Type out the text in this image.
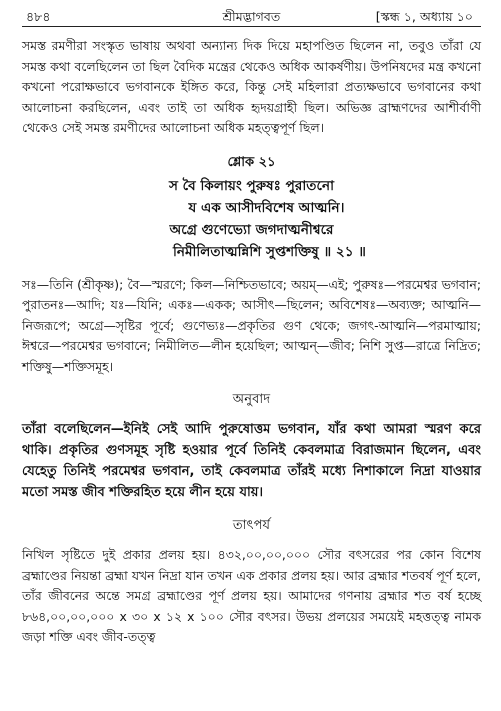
৪৮৪	শ্রীমদ্ভাগবত	[স্কন্ধ ১, অধ্যায় ১০

সমস্ত রমণীরা সংস্কৃত ভাষায় অথবা অন্যান্য দিক দিয়ে মহাপণ্ডিত ছিলেন না, তবুও তাঁরা যে সমস্ত কথা বলেছিলেন তা ছিল বৈদিক মন্ত্রের থেকেও অধিক আকর্ষণীয়। উপনিষদের মন্ত্র কখনো কখনো পরোক্ষভাবে ভগবানকে ইঙ্গিত করে, কিন্তু সেই মহিলারা প্রত্যক্ষভাবে ভগবানের কথা আলোচনা করছিলেন, এবং তাই তা অধিক হৃদয়গ্রাহী ছিল। অভিজ্ঞ ব্রাহ্মণদের আশীর্বাণী থেকেও সেই সমস্ত রমণীদের আলোচনা অধিক মহত্ত্বপূর্ণ ছিল।

শ্লোক ২১
স বৈ কিলায়ং পুরুষঃ পুরাতনো
য এক আসীদবিশেষ আত্মনি।
অগ্রে গুণেভ্যো জগদাত্মনীশ্বরে
নিমীলিতাত্মন্নিশি সুপ্তশক্তিষু ॥ ২১ ॥

সঃ—তিনি (শ্রীকৃষ্ণ); বৈ—স্মরণে; কিল—নিশ্চিতভাবে; অয়ম্—এই; পুরুষঃ—পরমেশ্বর ভগবান; পুরাতনঃ—আদি; যঃ—যিনি; একঃ—একক; আসীৎ—ছিলেন; অবিশেষঃ—অব্যক্ত; আত্মনি—নিজরূপে; অগ্রে—সৃষ্টির পূর্বে; গুণেভ্যঃ—প্রকৃতির গুণ থেকে; জগৎ-আত্মনি—পরমাত্মায়; ঈশ্বরে—পরমেশ্বর ভগবানে; নিমীলিত—লীন হয়েছিল; আত্মন্—জীব; নিশি সুপ্ত—রাত্রে নিদ্রিত; শক্তিষু—শক্তিসমূহ।

অনুবাদ

তাঁরা বলেছিলেন—ইনিই সেই আদি পুরুষোত্তম ভগবান, যাঁর কথা আমরা স্মরণ করে থাকি। প্রকৃতির গুণসমূহ সৃষ্টি হওয়ার পূর্বে তিনিই কেবলমাত্র বিরাজমান ছিলেন, এবং যেহেতু তিনিই পরমেশ্বর ভগবান, তাই কেবলমাত্র তাঁরই মধ্যে নিশাকালে নিদ্রা যাওয়ার মতো সমস্ত জীব শক্তিরহিত হয়ে লীন হয়ে যায়।

তাৎপর্য

নিখিল সৃষ্টিতে দুই প্রকার প্রলয় হয়। ৪৩২,০০,০০,০০০ সৌর বৎসরের পর কোন বিশেষ ব্রহ্মাণ্ডের নিয়ন্তা ব্রহ্মা যখন নিদ্রা যান তখন এক প্রকার প্রলয় হয়। আর ব্রহ্মার শতবর্ষ পূর্ণ হলে, তাঁর জীবনের অন্তে সমগ্র ব্রহ্মাণ্ডের পূর্ণ প্রলয় হয়। আমাদের গণনায় ব্রহ্মার শত বর্ষ হচ্ছে ৮৬৪,০০,০০,০০০ x ৩০ x ১২ x ১০০ সৌর বৎসর। উভয় প্রলয়ের সময়েই মহত্তত্ত্ব নামক জড়া শক্তি এবং জীব-তত্ত্ব
